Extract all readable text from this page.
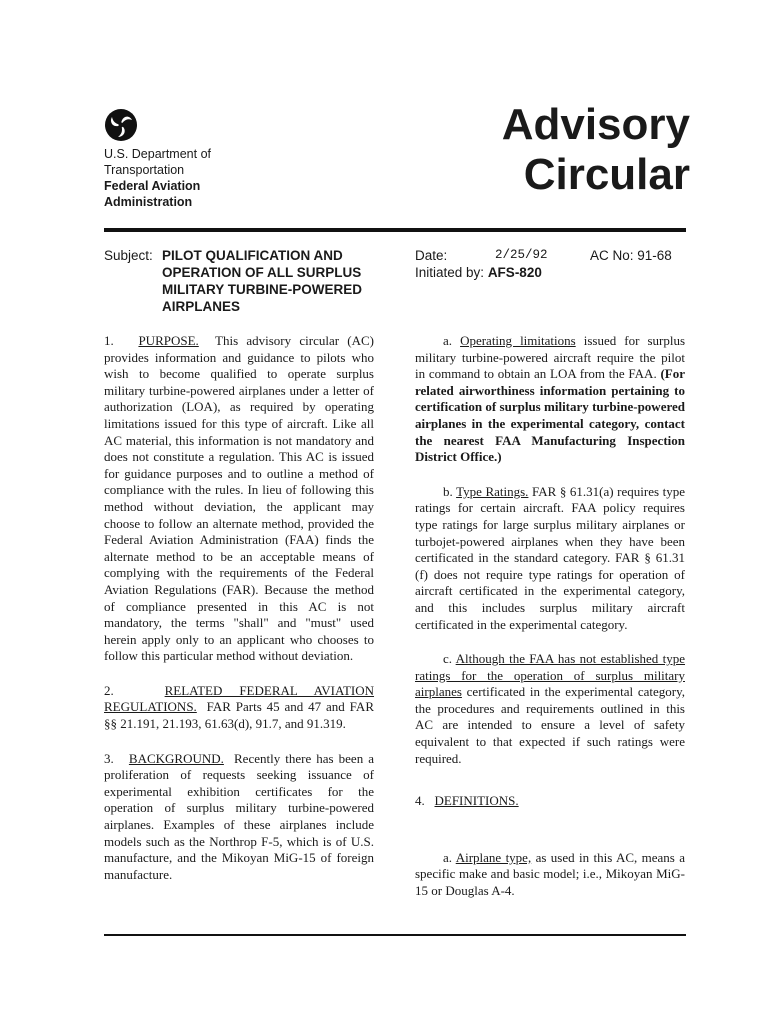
U.S. Department of
Transportation
Federal Aviation
Administration
Advisory
Circular
Subject: PILOT QUALIFICATION AND OPERATION OF ALL SURPLUS MILITARY TURBINE-POWERED AIRPLANES
Date:	2/25/92	AC No: 91-68
Initiated by: AFS-820

1. PURPOSE. This advisory circular (AC) provides information and guidance to pilots who wish to become qualified to operate surplus military turbine-powered airplanes under a letter of authorization (LOA), as required by operating limitations issued for this type of aircraft. Like all AC material, this information is not mandatory and does not constitute a regulation. This AC is issued for guidance purposes and to outline a method of compliance with the rules. In lieu of following this method without deviation, the applicant may choose to follow an alternate method, provided the Federal Aviation Administration (FAA) finds the alternate method to be an acceptable means of complying with the requirements of the Federal Aviation Regulations (FAR). Because the method of compliance presented in this AC is not mandatory, the terms "shall" and "must" used herein apply only to an applicant who chooses to follow this particular method without deviation.

2.	RELATED FEDERAL AVIATION REGULATIONS. FAR Parts 45 and 47 and FAR §§ 21.191, 21.193, 61.63(d), 91.7, and 91.319.

3. BACKGROUND. Recently there has been a proliferation of requests seeking issuance of experimental exhibition certificates for the operation of surplus military turbine-powered airplanes. Examples of these airplanes include models such as the Northrop F-5, which is of U.S. manufacture, and the Mikoyan MiG-15 of foreign manufacture.

a. Operating limitations issued for surplus military turbine-powered aircraft require the pilot in command to obtain an LOA from the FAA. (For related airworthiness information pertaining to certification of surplus military turbine-powered airplanes in the experimental category, contact the nearest FAA Manufacturing Inspection District Office.)

b. Type Ratings. FAR § 61.31(a) requires type ratings for certain aircraft. FAA policy requires type ratings for large surplus military airplanes or turbojet-powered airplanes when they have been certificated in the standard category. FAR § 61.31 (f) does not require type ratings for operation of aircraft certificated in the experimental category, and this includes surplus military aircraft certificated in the experimental category.

c. Although the FAA has not established type ratings for the operation of surplus military airplanes certificated in the experimental category, the procedures and requirements outlined in this AC are intended to ensure a level of safety equivalent to that expected if such ratings were required.

4. DEFINITIONS.

a. Airplane type, as used in this AC, means a specific make and basic model; i.e., Mikoyan MiG-15 or Douglas A-4.
